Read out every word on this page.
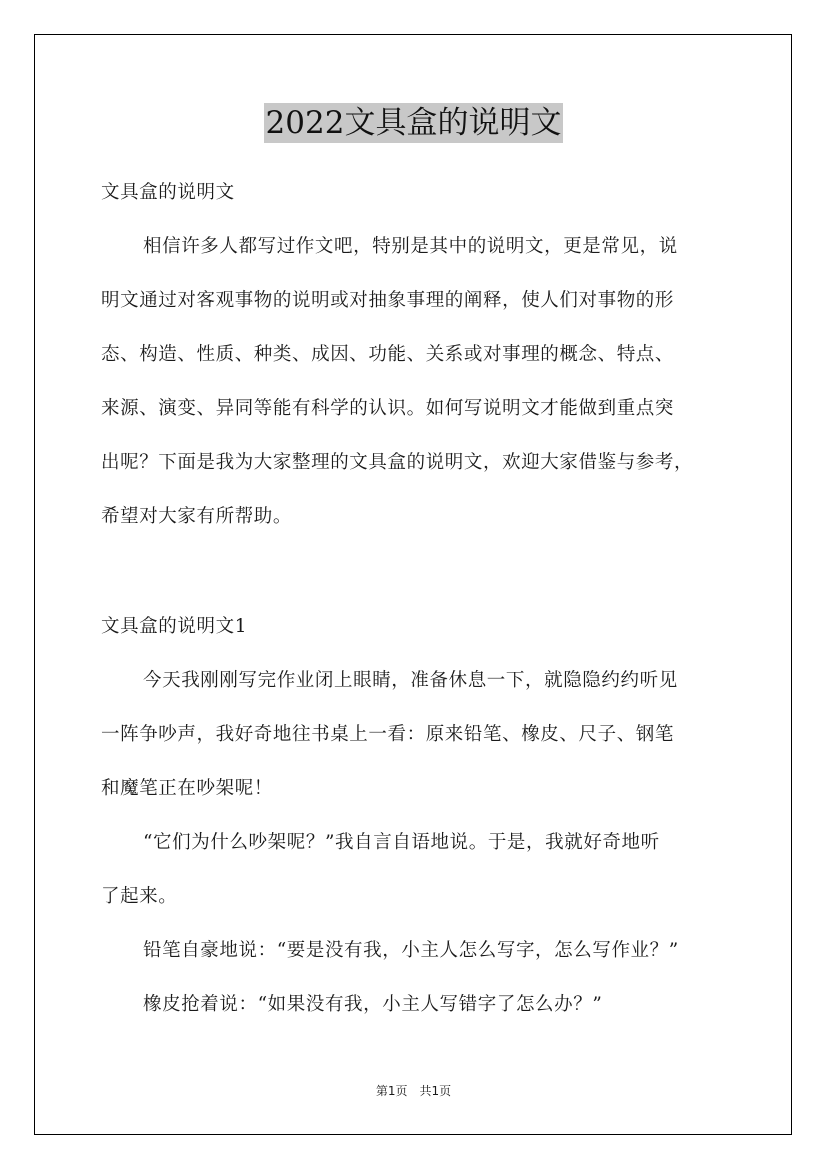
2022文具盒的说明文
文具盒的说明文
相信许多人都写过作文吧，特别是其中的说明文，更是常见，说
明文通过对客观事物的说明或对抽象事理的阐释，使人们对事物的形
态、构造、性质、种类、成因、功能、关系或对事理的概念、特点、
来源、演变、异同等能有科学的认识。如何写说明文才能做到重点突
出呢？下面是我为大家整理的文具盒的说明文，欢迎大家借鉴与参考，
希望对大家有所帮助。
文具盒的说明文1
今天我刚刚写完作业闭上眼睛，准备休息一下，就隐隐约约听见
一阵争吵声，我好奇地往书桌上一看：原来铅笔、橡皮、尺子、钢笔
和魔笔正在吵架呢！
“它们为什么吵架呢？”我自言自语地说。于是，我就好奇地听
了起来。
铅笔自豪地说：“要是没有我，小主人怎么写字，怎么写作业？”
橡皮抢着说：“如果没有我，小主人写错字了怎么办？”
第1页　共1页
